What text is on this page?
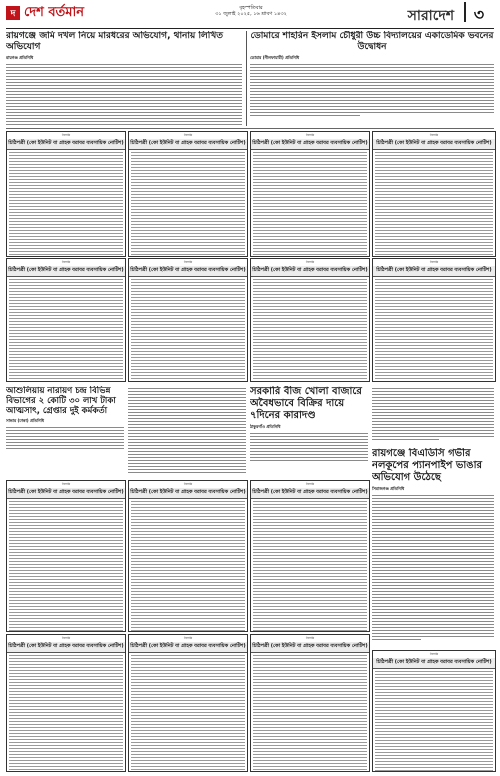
দ দেশ বর্তমান	বৃহস্পতিবার
৩১ জুলাই ২০২৫, ১৬ শ্রাবণ ১৪৩২	সারাদেশ	৩
রায়গঞ্জে জমি দখল নিয়ে মারধরের অভিযোগ, থানায় লিখিত অভিযোগ
রায়গঞ্জ প্রতিনিধি
ডোমারে শাহরিন ইসলাম চৌধুরী উচ্চ বিদ্যালয়ের একাডেমিক ভবনের উদ্বোধন
ডোমার (নীলফামারী) প্রতিনিধি
নিলামি
চিঠিপত্রী (কো ইউনিট বা গ্রাহক বরাবর ব্যবসায়িক নোটিশ)
নিলামি
চিঠিপত্রী (কো ইউনিট বা গ্রাহক বরাবর ব্যবসায়িক নোটিশ)
নিলামি
চিঠিপত্রী (কো ইউনিট বা গ্রাহক বরাবর ব্যবসায়িক নোটিশ)
নিলামি
চিঠিপত্রী (কো ইউনিট বা গ্রাহক বরাবর ব্যবসায়িক নোটিশ)
নিলামি
চিঠিপত্রী (কো ইউনিট বা গ্রাহক বরাবর ব্যবসায়িক নোটিশ)
নিলামি
চিঠিপত্রী (কো ইউনিট বা গ্রাহক বরাবর ব্যবসায়িক নোটিশ)
নিলামি
চিঠিপত্রী (কো ইউনিট বা গ্রাহক বরাবর ব্যবসায়িক নোটিশ)
নিলামি
চিঠিপত্রী (কো ইউনিট বা গ্রাহক বরাবর ব্যবসায়িক নোটিশ)
আশুলিয়ায় নারায়ণ চন্দ্র বিভিন্ন বিভাগের ২ কোটি ৩০ লাখ টাকা আত্মসাৎ, গ্রেপ্তার দুই কর্মকর্তা
সাভার (ঢাকা) প্রতিনিধি
সরকারি বীজ খোলা বাজারে অবৈধভাবে বিক্রির দায়ে ৭দিনের কারাদণ্ড
ঠাকুরগাঁও প্রতিনিধি
রায়গঞ্জে বিএডিসি গভীর নলকূপের প্যানপাইপ ভাঙার অভিযোগ উঠেছে
সিরাজগঞ্জ প্রতিনিধি
নিলামি
চিঠিপত্রী (কো ইউনিট বা গ্রাহক বরাবর ব্যবসায়িক নোটিশ)
নিলামি
চিঠিপত্রী (কো ইউনিট বা গ্রাহক বরাবর ব্যবসায়িক নোটিশ)
নিলামি
চিঠিপত্রী (কো ইউনিট বা গ্রাহক বরাবর ব্যবসায়িক নোটিশ)
নিলামি
চিঠিপত্রী (কো ইউনিট বা গ্রাহক বরাবর ব্যবসায়িক নোটিশ)
নিলামি
চিঠিপত্রী (কো ইউনিট বা গ্রাহক বরাবর ব্যবসায়িক নোটিশ)
নিলামি
চিঠিপত্রী (কো ইউনিট বা গ্রাহক বরাবর ব্যবসায়িক নোটিশ)
নিলামি
চিঠিপত্রী (কো ইউনিট বা গ্রাহক বরাবর ব্যবসায়িক নোটিশ)
